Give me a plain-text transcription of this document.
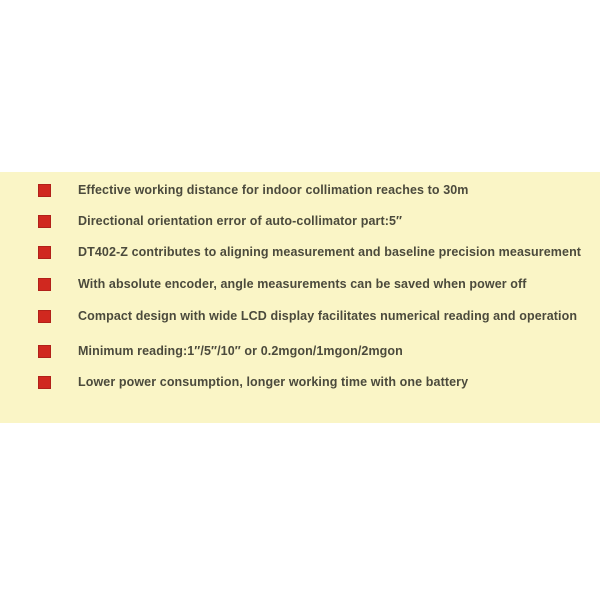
Effective working distance for indoor collimation reaches to 30m
Directional orientation error of auto-collimator part:5″
DT402-Z contributes to aligning measurement and baseline precision measurement
With absolute encoder, angle measurements can be saved when power off
Compact design with wide LCD display facilitates numerical reading and operation
Minimum reading:1″/5″/10″ or 0.2mgon/1mgon/2mgon
Lower power consumption, longer working time with one battery
